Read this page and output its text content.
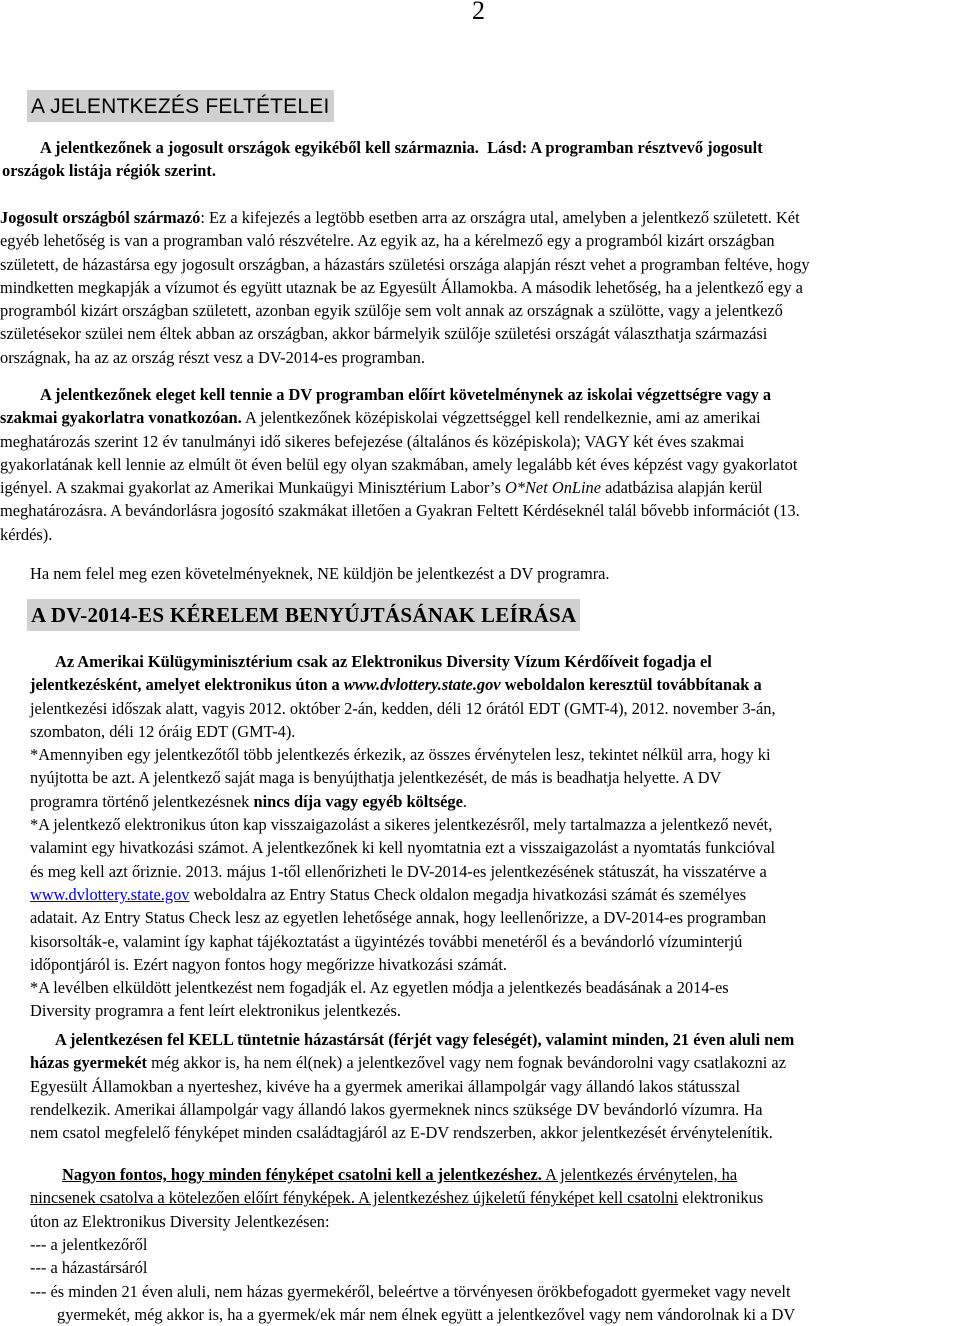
2
A JELENTKEZÉS FELTÉTELEI
A jelentkezőnek a jogosult országok egyikéből kell származnia. Lásd: A programban résztvevő jogosult
országok listája régiók szerint.
Jogosult országból származó: Ez a kifejezés a legtöbb esetben arra az országra utal, amelyben a jelentkező született. Két
egyéb lehetőség is van a programban való részvételre. Az egyik az, ha a kérelmező egy a programból kizárt országban
született, de házastársa egy jogosult országban, a házastárs születési országa alapján részt vehet a programban feltéve, hogy
mindketten megkapják a vízumot és együtt utaznak be az Egyesült Államokba. A második lehetőség, ha a jelentkező egy a
programból kizárt országban született, azonban egyik szülője sem volt annak az országnak a szülötte, vagy a jelentkező
születésekor szülei nem éltek abban az országban, akkor bármelyik szülője születési országát választhatja származási
országnak, ha az az ország részt vesz a DV-2014-es programban.
A jelentkezőnek eleget kell tennie a DV programban előírt követelménynek az iskolai végzettségre vagy a
szakmai gyakorlatra vonatkozóan. A jelentkezőnek középiskolai végzettséggel kell rendelkeznie, ami az amerikai
meghatározás szerint 12 év tanulmányi idő sikeres befejezése (általános és középiskola); VAGY két éves szakmai
gyakorlatának kell lennie az elmúlt öt éven belül egy olyan szakmában, amely legalább két éves képzést vagy gyakorlatot
igényel. A szakmai gyakorlat az Amerikai Munkaügyi Minisztérium Labor’s O*Net OnLine adatbázisa alapján kerül
meghatározásra. A bevándorlásra jogosító szakmákat illetően a Gyakran Feltett Kérdéseknél talál bővebb információt (13.
kérdés).
Ha nem felel meg ezen követelményeknek, NE küldjön be jelentkezést a DV programra.
A DV-2014-ES KÉRELEM BENYÚJTÁSÁNAK LEÍRÁSA
Az Amerikai Külügyminisztérium csak az Elektronikus Diversity Vízum Kérdőíveit fogadja el
jelentkezésként, amelyet elektronikus úton a www.dvlottery.state.gov weboldalon keresztül továbbítanak a
jelentkezési időszak alatt, vagyis 2012. október 2-án, kedden, déli 12 órától EDT (GMT-4), 2012. november 3-án,
szombaton, déli 12 óráig EDT (GMT-4).
*Amennyiben egy jelentkezőtől több jelentkezés érkezik, az összes érvénytelen lesz, tekintet nélkül arra, hogy ki
nyújtotta be azt. A jelentkező saját maga is benyújthatja jelentkezését, de más is beadhatja helyette. A DV
programra történő jelentkezésnek nincs díja vagy egyéb költsége.
*A jelentkező elektronikus úton kap visszaigazolást a sikeres jelentkezésről, mely tartalmazza a jelentkező nevét,
valamint egy hivatkozási számot. A jelentkezőnek ki kell nyomtatnia ezt a visszaigazolást a nyomtatás funkcióval
és meg kell azt őriznie. 2013. május 1-től ellenőrizheti le DV-2014-es jelentkezésének státuszát, ha visszatérve a
www.dvlottery.state.gov weboldalra az Entry Status Check oldalon megadja hivatkozási számát és személyes
adatait. Az Entry Status Check lesz az egyetlen lehetősége annak, hogy leellenőrizze, a DV-2014-es programban
kisorsolták-e, valamint így kaphat tájékoztatást a ügyintézés további menetéről és a bevándorló vízuminterjú
időpontjáról is. Ezért nagyon fontos hogy megőrizze hivatkozási számát.
*A levélben elküldött jelentkezést nem fogadják el. Az egyetlen módja a jelentkezés beadásának a 2014-es
Diversity programra a fent leírt elektronikus jelentkezés.
A jelentkezésen fel KELL tüntetnie házastársát (férjét vagy feleségét), valamint minden, 21 éven aluli nem
házas gyermekét még akkor is, ha nem él(nek) a jelentkezővel vagy nem fognak bevándorolni vagy csatlakozni az
Egyesült Államokban a nyerteshez, kivéve ha a gyermek amerikai állampolgár vagy állandó lakos státusszal
rendelkezik. Amerikai állampolgár vagy állandó lakos gyermeknek nincs szüksége DV bevándorló vízumra. Ha
nem csatol megfelelő fényképet minden családtagjáról az E-DV rendszerben, akkor jelentkezését érvénytelenítik.
Nagyon fontos, hogy minden fényképet csatolni kell a jelentkezéshez. A jelentkezés érvénytelen, ha
nincsenek csatolva a kötelezően előírt fényképek. A jelentkezéshez újkeletű fényképet kell csatolni elektronikus
úton az Elektronikus Diversity Jelentkezésen:
--- a jelentkezőről
--- a házastársáról
--- és minden 21 éven aluli, nem házas gyermekéről, beleértve a törvényesen örökbefogadott gyermeket vagy nevelt
gyermekét, még akkor is, ha a gyermek/ek már nem élnek együtt a jelentkezővel vagy nem vándorolnak ki a DV
